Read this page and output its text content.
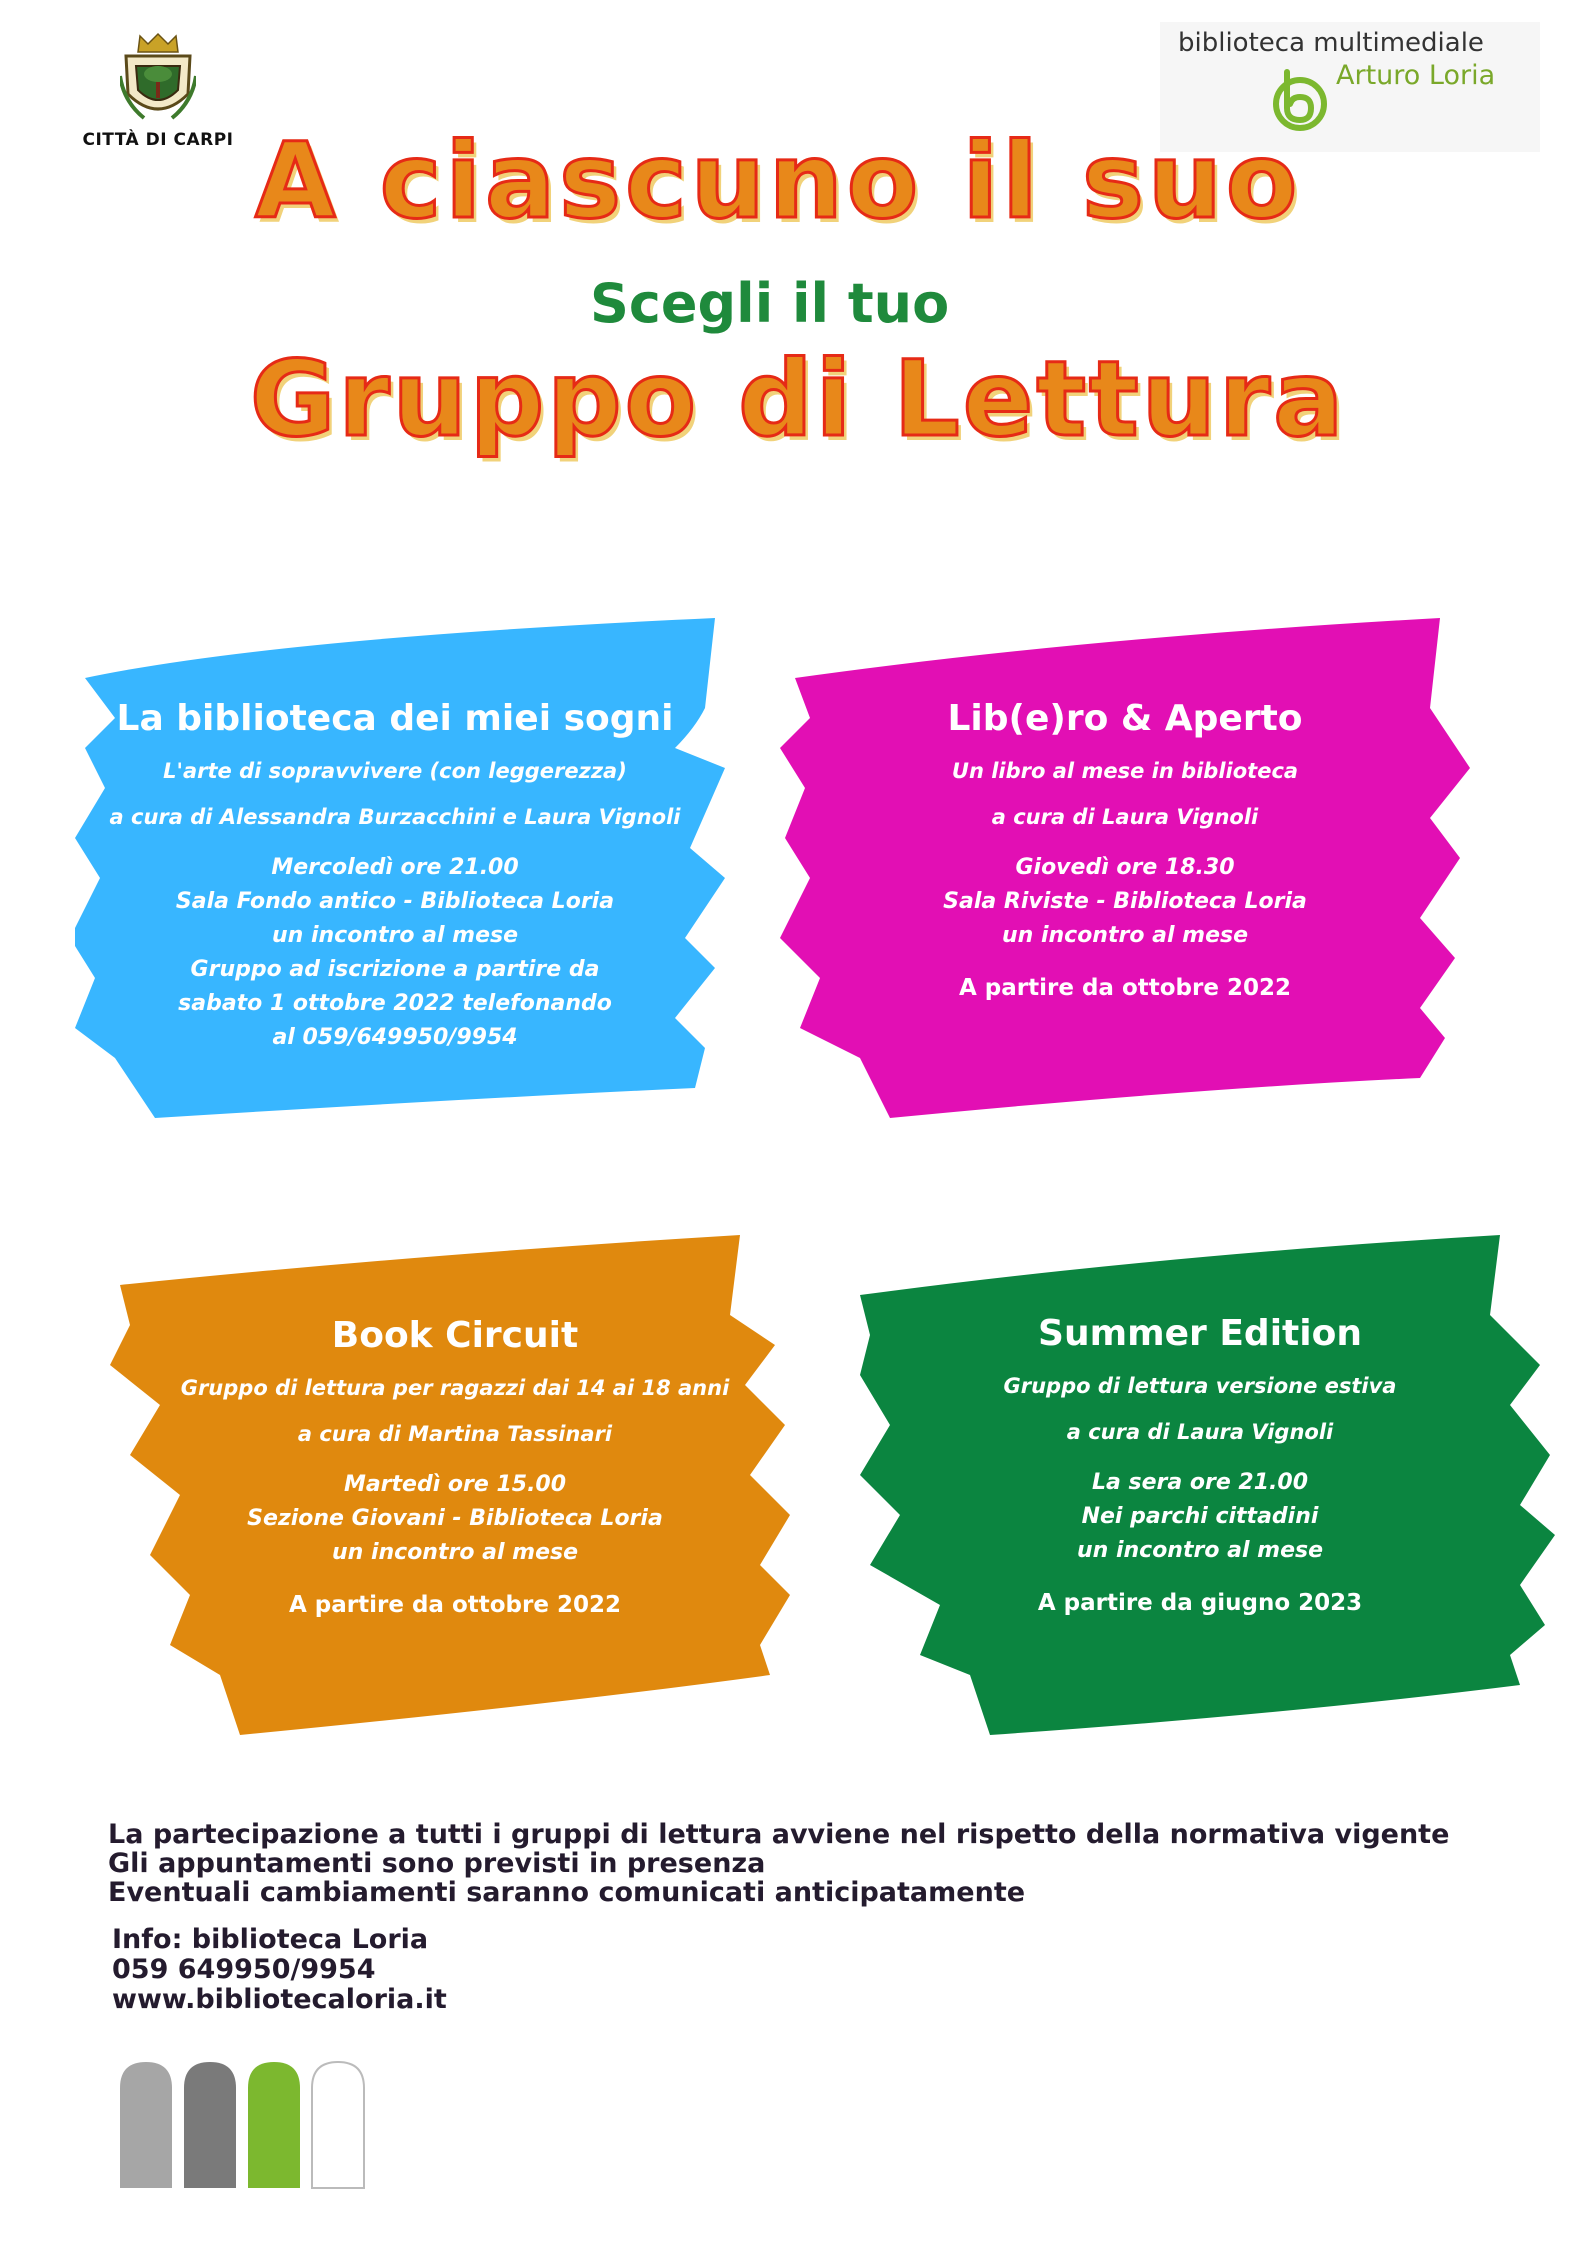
CITTÀ DI CARPI
biblioteca multimediale
Arturo Loria
A ciascuno il suo
Scegli il tuo
Gruppo di Lettura
La biblioteca dei miei sogni
L'arte di sopravvivere (con leggerezza)
a cura di Alessandra Burzacchini e Laura Vignoli
Mercoledì ore 21.00
Sala Fondo antico - Biblioteca Loria
un incontro al mese
Gruppo ad iscrizione a partire da
sabato 1 ottobre 2022 telefonando
al 059/649950/9954
Lib(e)ro & Aperto
Un libro al mese in biblioteca
a cura di Laura Vignoli
Giovedì ore 18.30
Sala Riviste - Biblioteca Loria
un incontro al mese
A partire da ottobre 2022
Book Circuit
Gruppo di lettura per ragazzi dai 14 ai 18 anni
a cura di Martina Tassinari
Martedì ore 15.00
Sezione Giovani - Biblioteca Loria
un incontro al mese
A partire da ottobre 2022
Summer Edition
Gruppo di lettura versione estiva
a cura di Laura Vignoli
La sera ore 21.00
Nei parchi cittadini
un incontro al mese
A partire da giugno 2023
La partecipazione a tutti i gruppi di lettura avviene nel rispetto della normativa vigente
Gli appuntamenti sono previsti in presenza
Eventuali cambiamenti saranno comunicati anticipatamente
Info: biblioteca Loria
059 649950/9954
www.bibliotecaloria.it
